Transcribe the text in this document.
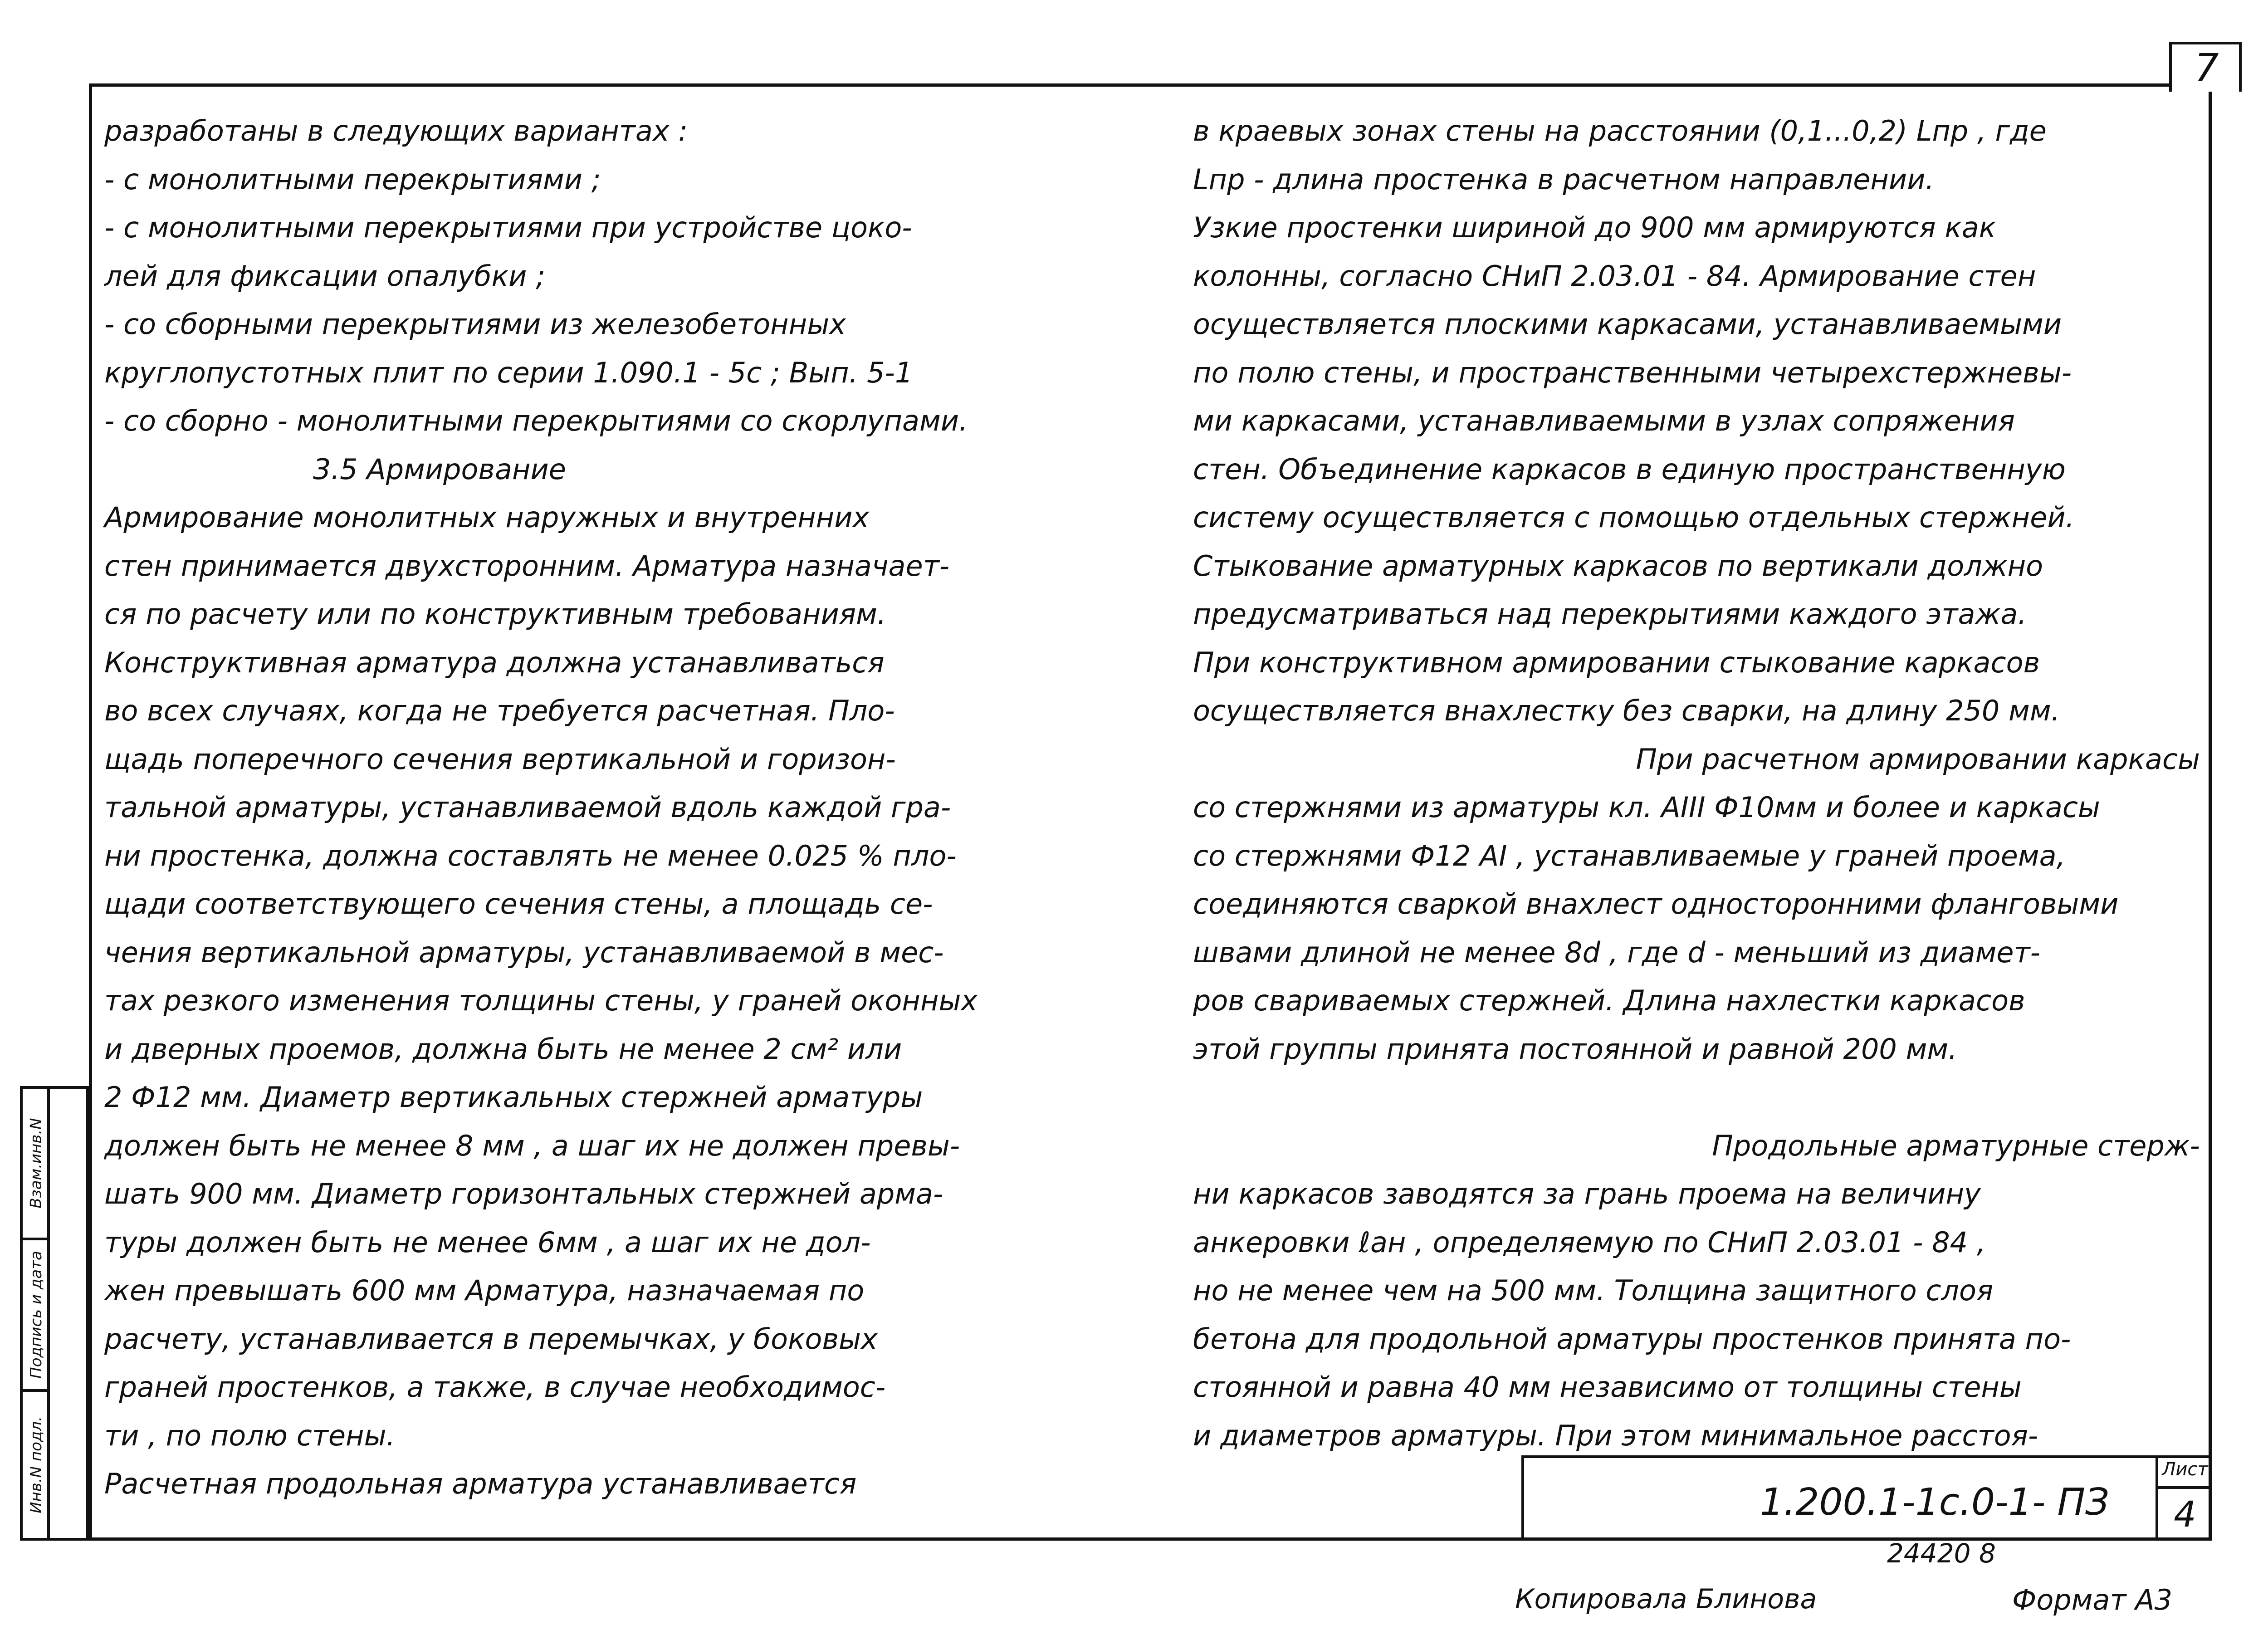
7
разработаны в следующих вариантах :
- с монолитными перекрытиями ;
- с монолитными перекрытиями при устройстве цоко-
лей для фиксации опалубки ;
- со сборными перекрытиями из железобетонных
круглопустотных плит по серии 1.090.1 - 5с ; Вып. 5-1
- со сборно - монолитными перекрытиями со скорлупами.
3.5 Армирование
Армирование монолитных наружных и внутренних
стен принимается двухсторонним. Арматура назначает-
ся по расчету или по конструктивным требованиям.
Конструктивная арматура должна устанавливаться
во всех случаях, когда не требуется расчетная. Пло-
щадь поперечного сечения вертикальной и горизон-
тальной арматуры, устанавливаемой вдоль каждой гра-
ни простенка, должна составлять не менее 0.025 % пло-
щади соответствующего сечения стены, а площадь се-
чения вертикальной арматуры, устанавливаемой в мес-
тах резкого изменения толщины стены, у граней оконных
и дверных проемов, должна быть не менее 2 см² или
2 Ф12 мм. Диаметр вертикальных стержней арматуры
должен быть не менее 8 мм , а шаг их не должен превы-
шать 900 мм. Диаметр горизонтальных стержней арма-
туры должен быть не менее 6мм , а шаг их не дол-
жен превышать 600 мм Арматура, назначаемая по
расчету, устанавливается в перемычках, у боковых
граней простенков, а также, в случае необходимос-
ти , по полю стены.
Расчетная продольная арматура устанавливается
в краевых зонах стены на расстоянии (0,1...0,2) Lпр , где
Lпр - длина простенка в расчетном направлении.
Узкие простенки шириной до 900 мм армируются как
колонны, согласно СНиП 2.03.01 - 84. Армирование стен
осуществляется плоскими каркасами, устанавливаемыми
по полю стены, и пространственными четырехстержневы-
ми каркасами, устанавливаемыми в узлах сопряжения
стен. Объединение каркасов в единую пространственную
систему осуществляется с помощью отдельных стержней.
Стыкование арматурных каркасов по вертикали должно
предусматриваться над перекрытиями каждого этажа.
При конструктивном армировании стыкование каркасов
осуществляется внахлестку без сварки, на длину 250 мм.
При расчетном армировании каркасы
со стержнями из арматуры кл. АIII Ф10мм и более и каркасы
со стержнями Ф12 АI , устанавливаемые у граней проема,
соединяются сваркой внахлест односторонними фланговыми
швами длиной не менее 8d , где d - меньший из диамет-
ров свариваемых стержней. Длина нахлестки каркасов
этой группы принята постоянной и равной 200 мм.
Продольные арматурные стерж-
ни каркасов заводятся за грань проема на величину
анкеровки ℓан , определяемую по СНиП 2.03.01 - 84 ,
но не менее чем на 500 мм. Толщина защитного слоя
бетона для продольной арматуры простенков принята по-
стоянной и равна 40 мм независимо от толщины стены
и диаметров арматуры. При этом минимальное расстоя-
1.200.1-1с.0-1- ПЗ
Лист
4
24420 8
Копировала Блинова	Формат А3
Взам.инв.N
Подпись и дата
Инв.N подл.
